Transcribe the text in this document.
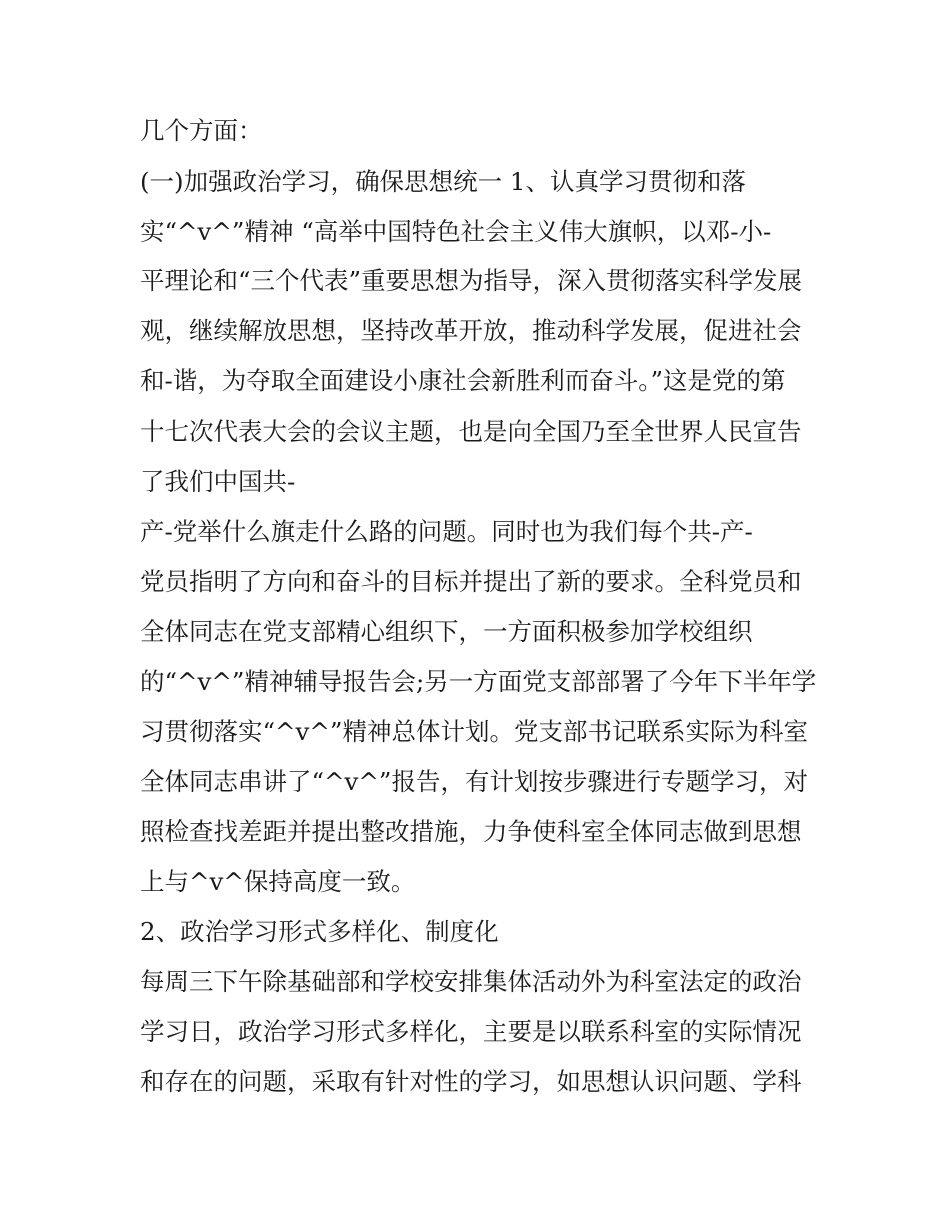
几个方面：
(一)加强政治学习，确保思想统一 1、认真学习贯彻和落
实“^v^”精神 “高举中国特色社会主义伟大旗帜，以邓-小-
平理论和“三个代表”重要思想为指导，深入贯彻落实科学发展
观，继续解放思想，坚持改革开放，推动科学发展，促进社会
和-谐，为夺取全面建设小康社会新胜利而奋斗。”这是党的第
十七次代表大会的会议主题，也是向全国乃至全世界人民宣告
了我们中国共-
产-党举什么旗走什么路的问题。同时也为我们每个共-产-
党员指明了方向和奋斗的目标并提出了新的要求。全科党员和
全体同志在党支部精心组织下，一方面积极参加学校组织
的“^v^”精神辅导报告会;另一方面党支部部署了今年下半年学
习贯彻落实“^v^”精神总体计划。党支部书记联系实际为科室
全体同志串讲了“^v^”报告，有计划按步骤进行专题学习，对
照检查找差距并提出整改措施，力争使科室全体同志做到思想
上与^v^保持高度一致。
2、政治学习形式多样化、制度化
每周三下午除基础部和学校安排集体活动外为科室法定的政治
学习日，政治学习形式多样化，主要是以联系科室的实际情况
和存在的问题，采取有针对性的学习，如思想认识问题、学科
